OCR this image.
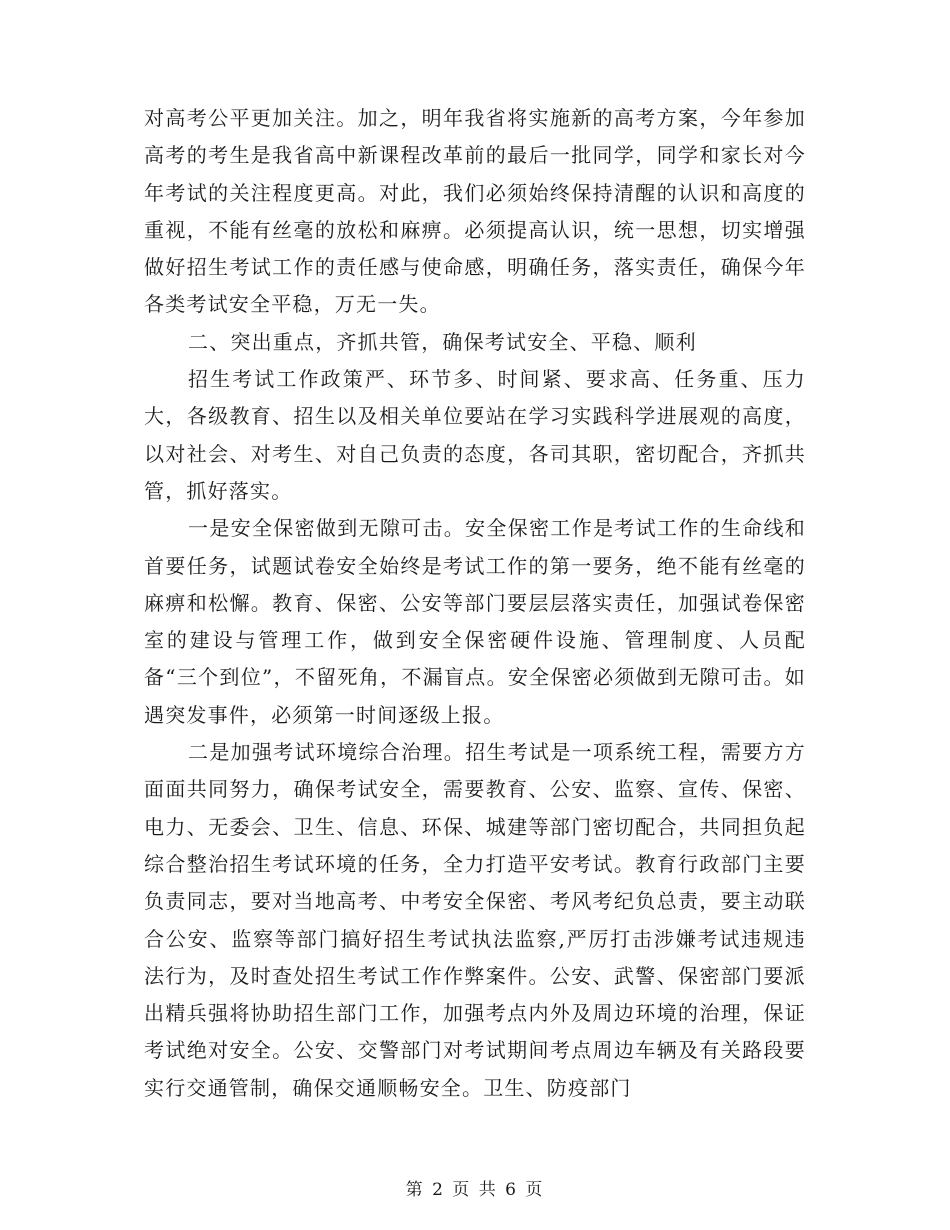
对高考公平更加关注。加之，明年我省将实施新的高考方案，今年参加高考的考生是我省高中新课程改革前的最后一批同学，同学和家长对今年考试的关注程度更高。对此，我们必须始终保持清醒的认识和高度的重视，不能有丝毫的放松和麻痹。必须提高认识，统一思想，切实增强做好招生考试工作的责任感与使命感，明确任务，落实责任，确保今年各类考试安全平稳，万无一失。

二、突出重点，齐抓共管，确保考试安全、平稳、顺利

招生考试工作政策严、环节多、时间紧、要求高、任务重、压力大，各级教育、招生以及相关单位要站在学习实践科学进展观的高度，以对社会、对考生、对自己负责的态度，各司其职，密切配合，齐抓共管，抓好落实。

一是安全保密做到无隙可击。安全保密工作是考试工作的生命线和首要任务，试题试卷安全始终是考试工作的第一要务，绝不能有丝毫的麻痹和松懈。教育、保密、公安等部门要层层落实责任，加强试卷保密室的建设与管理工作，做到安全保密硬件设施、管理制度、人员配备“三个到位”，不留死角，不漏盲点。安全保密必须做到无隙可击。如遇突发事件，必须第一时间逐级上报。

二是加强考试环境综合治理。招生考试是一项系统工程，需要方方面面共同努力，确保考试安全，需要教育、公安、监察、宣传、保密、电力、无委会、卫生、信息、环保、城建等部门密切配合，共同担负起综合整治招生考试环境的任务，全力打造平安考试。教育行政部门主要负责同志，要对当地高考、中考安全保密、考风考纪负总责，要主动联合公安、监察等部门搞好招生考试执法监察,严厉打击涉嫌考试违规违法行为，及时查处招生考试工作作弊案件。公安、武警、保密部门要派出精兵强将协助招生部门工作，加强考点内外及周边环境的治理，保证考试绝对安全。公安、交警部门对考试期间考点周边车辆及有关路段要实行交通管制，确保交通顺畅安全。卫生、防疫部门

第 2 页 共 6 页
